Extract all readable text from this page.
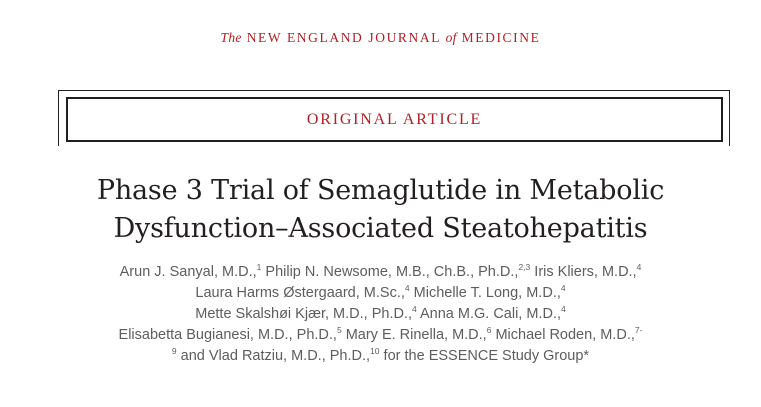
The NEW ENGLAND JOURNAL of MEDICINE
ORIGINAL ARTICLE
Phase 3 Trial of Semaglutide in Metabolic
Dysfunction–Associated Steatohepatitis
Arun J. Sanyal, M.D.,$^1$ Philip N. Newsome, M.B., Ch.B., Ph.D.,$^{2,3}$ Iris Kliers, M.D.,$^4$
Laura Harms Østergaard, M.Sc.,$^4$ Michelle T. Long, M.D.,$^4$
Mette Skalshøi Kjær, M.D., Ph.D.,$^4$ Anna M.G. Cali, M.D.,$^4$
Elisabetta Bugianesi, M.D., Ph.D.,$^5$ Mary E. Rinella, M.D.,$^6$ Michael Roden, M.D.,$^{7-}$
$^9$ and Vlad Ratziu, M.D., Ph.D.,$^{10}$ for the ESSENCE Study Group*
